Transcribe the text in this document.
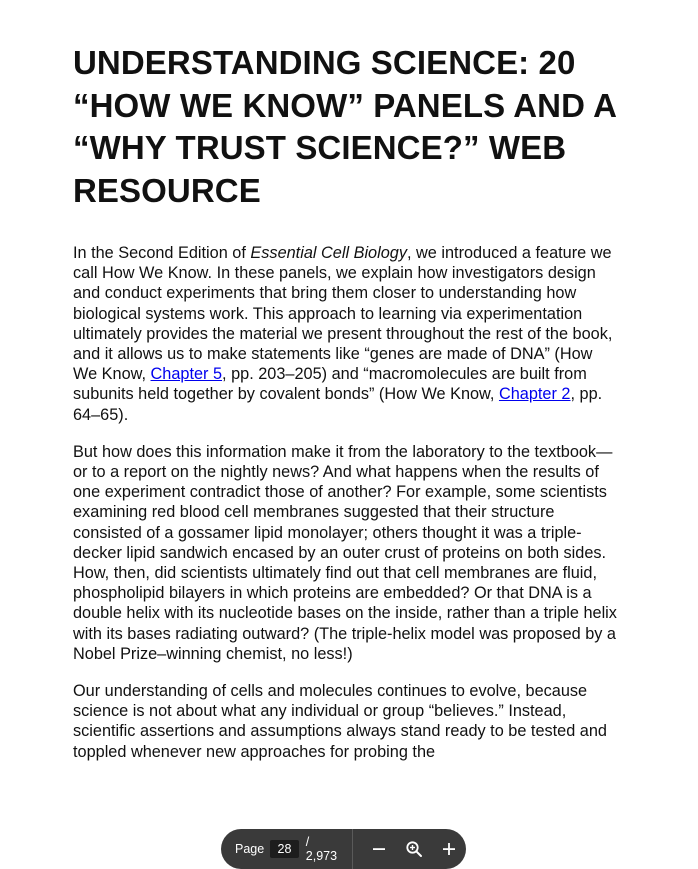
UNDERSTANDING SCIENCE: 20 “HOW WE KNOW” PANELS AND A “WHY TRUST SCIENCE?” WEB RESOURCE

In the Second Edition of Essential Cell Biology, we introduced a feature we call How We Know. In these panels, we explain how investigators design and conduct experiments that bring them closer to understanding how biological systems work. This approach to learning via experimentation ultimately provides the material we present throughout the rest of the book, and it allows us to make statements like “genes are made of DNA” (How We Know, Chapter 5, pp. 203–205) and “macromolecules are built from subunits held together by covalent bonds” (How We Know, Chapter 2, pp. 64–65).

But how does this information make it from the laboratory to the textbook—or to a report on the nightly news? And what happens when the results of one experiment contradict those of another? For example, some scientists examining red blood cell membranes suggested that their structure consisted of a gossamer lipid monolayer; others thought it was a triple-decker lipid sandwich encased by an outer crust of proteins on both sides. How, then, did scientists ultimately find out that cell membranes are fluid, phospholipid bilayers in which proteins are embedded? Or that DNA is a double helix with its nucleotide bases on the inside, rather than a triple helix with its bases radiating outward? (The triple-helix model was proposed by a Nobel Prize–winning chemist, no less!)

Our understanding of cells and molecules continues to evolve, because science is not about what any individual or group “believes.” Instead, scientific assertions and assumptions always stand ready to be tested and toppled whenever new approaches for probing the

Page	28	/ 2,973
